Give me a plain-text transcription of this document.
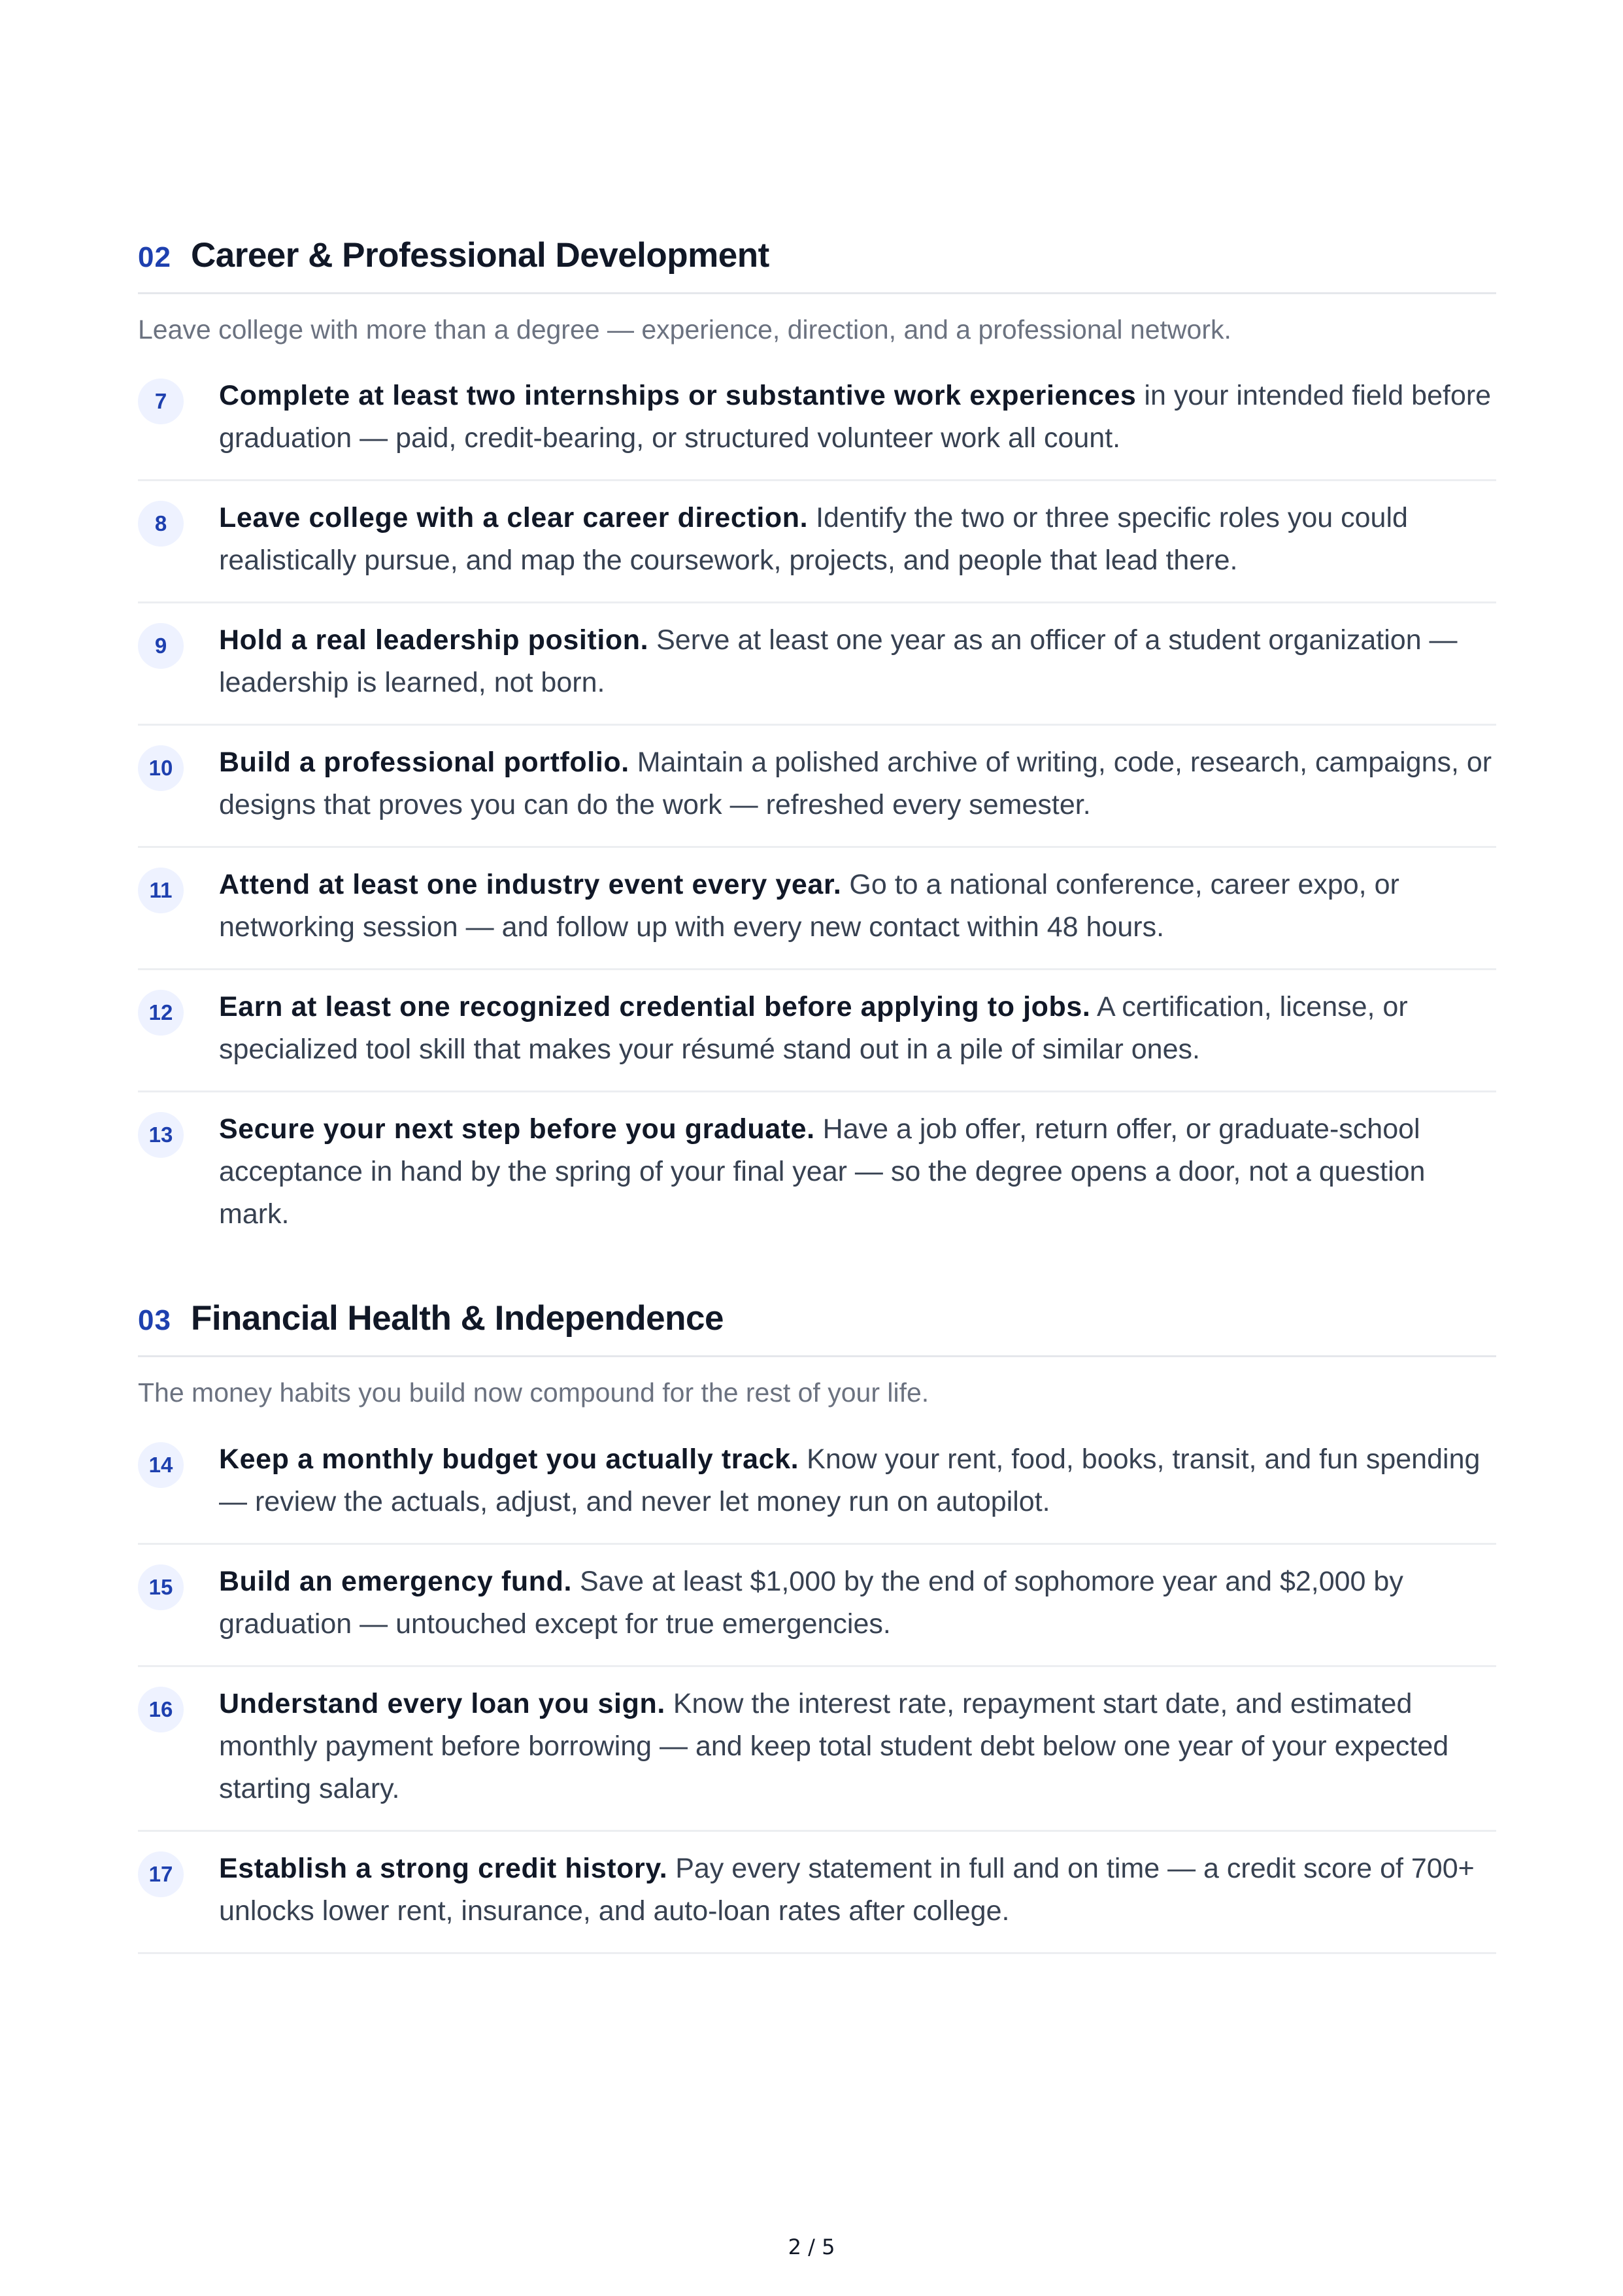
02 Career & Professional Development
Leave college with more than a degree — experience, direction, and a professional network.
7	Complete at least two internships or substantive work experiences in your intended field before graduation — paid, credit-bearing, or structured volunteer work all count.
8	Leave college with a clear career direction. Identify the two or three specific roles you could realistically pursue, and map the coursework, projects, and people that lead there.
9	Hold a real leadership position. Serve at least one year as an officer of a student organization — leadership is learned, not born.
10	Build a professional portfolio. Maintain a polished archive of writing, code, research, campaigns, or designs that proves you can do the work — refreshed every semester.
11	Attend at least one industry event every year. Go to a national conference, career expo, or networking session — and follow up with every new contact within 48 hours.
12	Earn at least one recognized credential before applying to jobs. A certification, license, or specialized tool skill that makes your résumé stand out in a pile of similar ones.
13	Secure your next step before you graduate. Have a job offer, return offer, or graduate-school acceptance in hand by the spring of your final year — so the degree opens a door, not a question mark.
03 Financial Health & Independence
The money habits you build now compound for the rest of your life.
14	Keep a monthly budget you actually track. Know your rent, food, books, transit, and fun spending — review the actuals, adjust, and never let money run on autopilot.
15	Build an emergency fund. Save at least $1,000 by the end of sophomore year and $2,000 by graduation — untouched except for true emergencies.
16	Understand every loan you sign. Know the interest rate, repayment start date, and estimated monthly payment before borrowing — and keep total student debt below one year of your expected starting salary.
17	Establish a strong credit history. Pay every statement in full and on time — a credit score of 700+ unlocks lower rent, insurance, and auto-loan rates after college.
2 / 5
